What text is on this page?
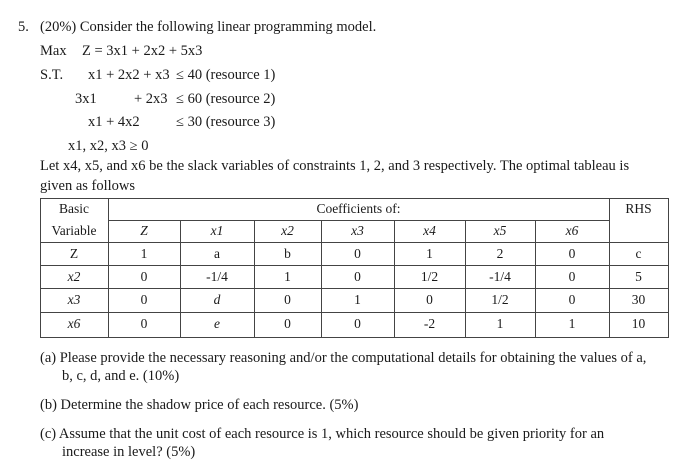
5. (20%) Consider the following linear programming model.
Max Z = 3x1 + 2x2 + 5x3
S.T. x1 + 2x2 + x3 ≤ 40 (resource 1)
3x1	+ 2x3 ≤ 60 (resource 2)
x1 + 4x2	≤ 30 (resource 3)
x1, x2, x3 ≥ 0
Let x4, x5, and x6 be the slack variables of constraints 1, 2, and 3 respectively. The optimal tableau is
given as follows
Basic
Variable
Coefficients of:	RHS
Z	x1	x2	x3	x4	x5	x6
Z	1	a	b	0	1	2	0	c
x2	0	-1/4	1	0	1/2	-1/4	0	5
x3	0	d	0	1	0	1/2	0	30
x6	0	e	0	0	-2	1	1	10
(a) Please provide the necessary reasoning and/or the computational details for obtaining the values of a,
b, c, d, and e. (10%)
(b) Determine the shadow price of each resource. (5%)
(c) Assume that the unit cost of each resource is 1, which resource should be given priority for an
increase in level? (5%)
